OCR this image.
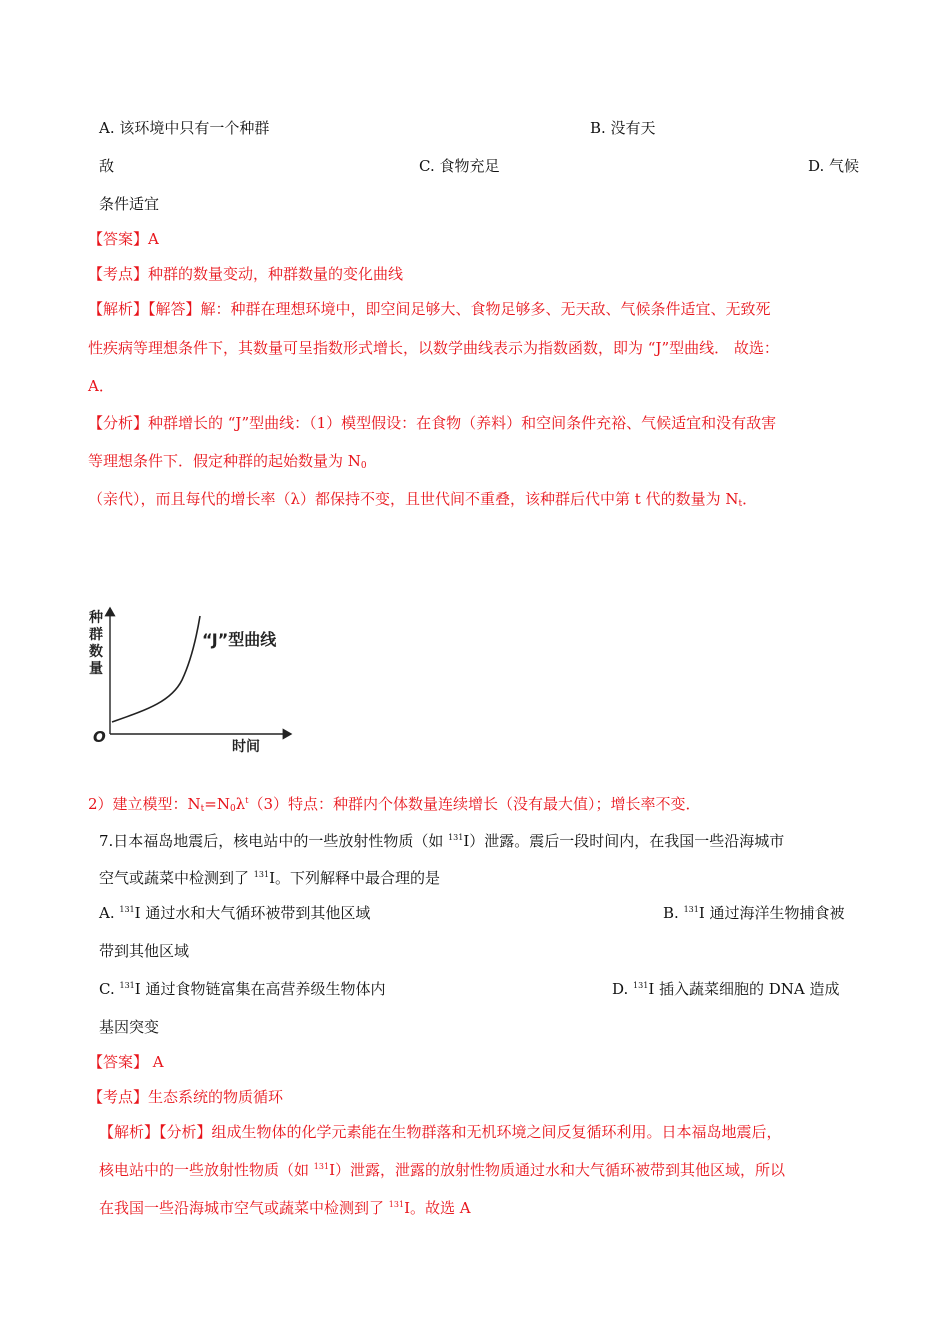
A. 该环境中只有一个种群	B. 没有天
敌	C. 食物充足	D. 气候
条件适宜
【答案】A
【考点】种群的数量变动，种群数量的变化曲线
【解析】【解答】解：种群在理想环境中，即空间足够大、食物足够多、无天敌、气候条件适宜、无致死
性疾病等理想条件下，其数量可呈指数形式增长，以数学曲线表示为指数函数，即为 “J”型曲线． 故选：
A．
【分析】种群增长的 “J”型曲线：（1）模型假设：在食物（养料）和空间条件充裕、气候适宜和没有敌害
等理想条件下．假定种群的起始数量为 $N_0$
（亲代），而且每代的增长率（λ）都保持不变，且世代间不重叠，该种群后代中第 t 代的数量为 $N_t$．
种
群
数
量
O
时间
“J”型曲线
2）建立模型：$N_t=N_0\lambda^t(3)$特点：种群内个体数量连续增长（没有最大值）；增长率不变．
7.日本福岛地震后，核电站中的一些放射性物质（如 $^{131}$I）泄露。震后一段时间内，在我国一些沿海城市
空气或蔬菜中检测到了 $^{131}$I。下列解释中最合理的是
A. $^{131}$I 通过水和大气循环被带到其他区域	B. $^{131}$I 通过海洋生物捕食被
带到其他区域
C. $^{131}$I 通过食物链富集在高营养级生物体内	D. $^{131}$I 插入蔬菜细胞的 DNA 造成
基因突变
【答案】 A
【考点】生态系统的物质循环
【解析】【分析】组成生物体的化学元素能在生物群落和无机环境之间反复循环利用。日本福岛地震后，
核电站中的一些放射性物质（如 $^{131}$I）泄露，泄露的放射性物质通过水和大气循环被带到其他区域，所以
在我国一些沿海城市空气或蔬菜中检测到了 $^{131}$I。故选 A
